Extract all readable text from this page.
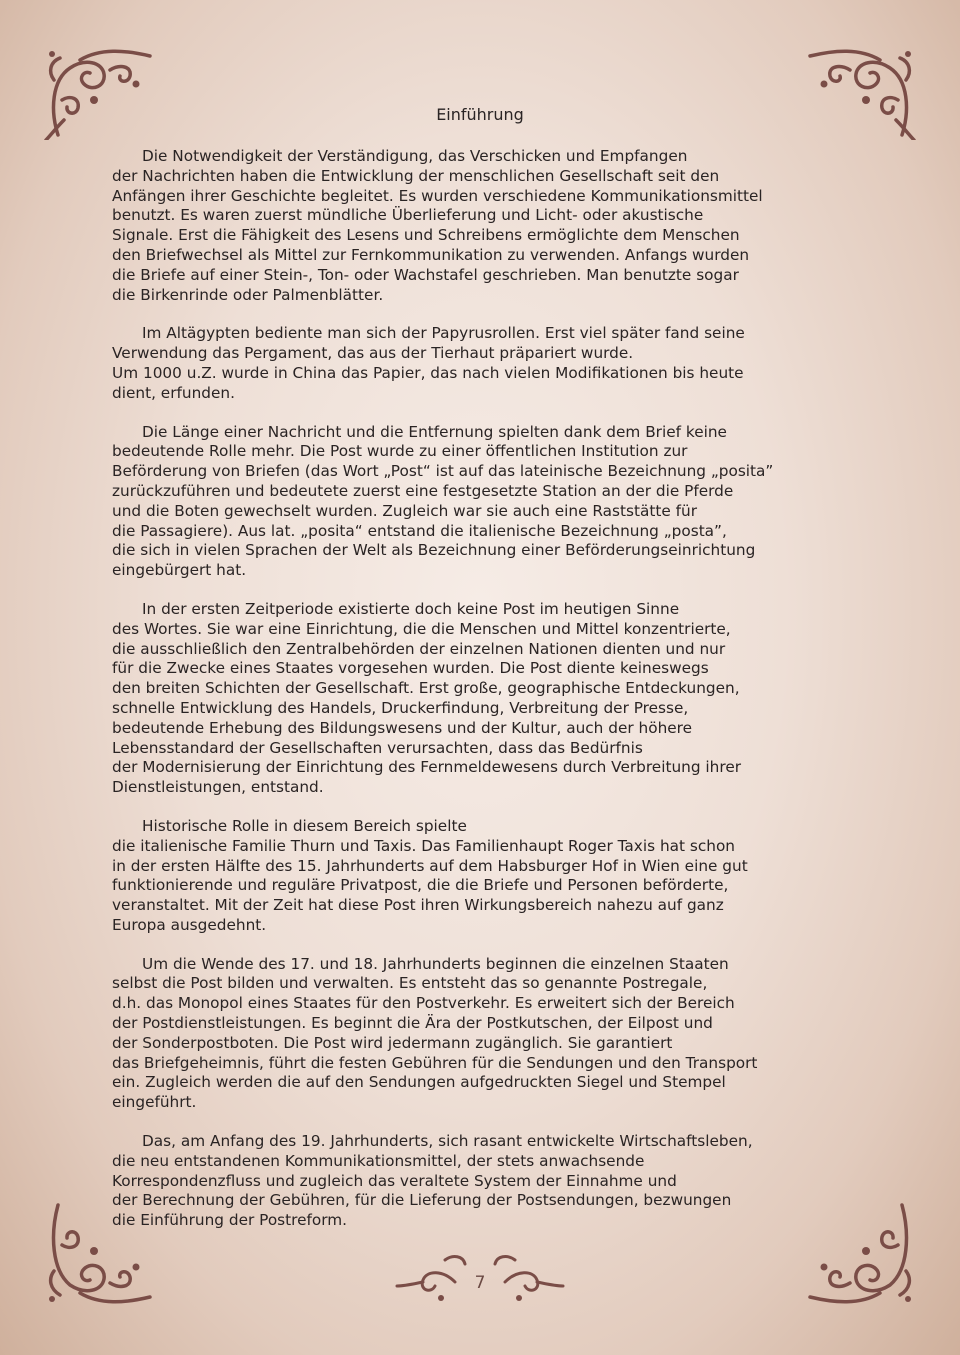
Einführung
Die Notwendigkeit der Verständigung, das Verschicken und Empfangen
der Nachrichten haben die Entwicklung der menschlichen Gesellschaft seit den
Anfängen ihrer Geschichte begleitet. Es wurden verschiedene Kommunikationsmittel
benutzt. Es waren zuerst mündliche Überlieferung und Licht- oder akustische
Signale. Erst die Fähigkeit des Lesens und Schreibens ermöglichte dem Menschen
den Briefwechsel als Mittel zur Fernkommunikation zu verwenden. Anfangs wurden
die Briefe auf einer Stein-, Ton- oder Wachstafel geschrieben. Man benutzte sogar
die Birkenrinde oder Palmenblätter.
Im Altägypten bediente man sich der Papyrusrollen. Erst viel später fand seine
Verwendung das Pergament, das aus der Tierhaut präpariert wurde.
Um 1000 u.Z. wurde in China das Papier, das nach vielen Modifikationen bis heute
dient, erfunden.
Die Länge einer Nachricht und die Entfernung spielten dank dem Brief keine
bedeutende Rolle mehr. Die Post wurde zu einer öffentlichen Institution zur
Beförderung von Briefen (das Wort „Post“ ist auf das lateinische Bezeichnung „posita”
zurückzuführen und bedeutete zuerst eine festgesetzte Station an der die Pferde
und die Boten gewechselt wurden. Zugleich war sie auch eine Raststätte für
die Passagiere). Aus lat. „posita“ entstand die italienische Bezeichnung „posta”,
die sich in vielen Sprachen der Welt als Bezeichnung einer Beförderungseinrichtung
eingebürgert hat.
In der ersten Zeitperiode existierte doch keine Post im heutigen Sinne
des Wortes. Sie war eine Einrichtung, die die Menschen und Mittel konzentrierte,
die ausschließlich den Zentralbehörden der einzelnen Nationen dienten und nur
für die Zwecke eines Staates vorgesehen wurden. Die Post diente keineswegs
den breiten Schichten der Gesellschaft. Erst große, geographische Entdeckungen,
schnelle Entwicklung des Handels, Druckerfindung, Verbreitung der Presse,
bedeutende Erhebung des Bildungswesens und der Kultur, auch der höhere
Lebensstandard der Gesellschaften verursachten, dass das Bedürfnis
der Modernisierung der Einrichtung des Fernmeldewesens durch Verbreitung ihrer
Dienstleistungen, entstand.
Historische Rolle in diesem Bereich spielte
die italienische Familie Thurn und Taxis. Das Familienhaupt Roger Taxis hat schon
in der ersten Hälfte des 15. Jahrhunderts auf dem Habsburger Hof in Wien eine gut
funktionierende und reguläre Privatpost, die die Briefe und Personen beförderte,
veranstaltet. Mit der Zeit hat diese Post ihren Wirkungsbereich nahezu auf ganz
Europa ausgedehnt.
Um die Wende des 17. und 18. Jahrhunderts beginnen die einzelnen Staaten
selbst die Post bilden und verwalten. Es entsteht das so genannte Postregale,
d.h. das Monopol eines Staates für den Postverkehr. Es erweitert sich der Bereich
der Postdienstleistungen. Es beginnt die Ära der Postkutschen, der Eilpost und
der Sonderpostboten. Die Post wird jedermann zugänglich. Sie garantiert
das Briefgeheimnis, führt die festen Gebühren für die Sendungen und den Transport
ein. Zugleich werden die auf den Sendungen aufgedruckten Siegel und Stempel
eingeführt.
Das, am Anfang des 19. Jahrhunderts, sich rasant entwickelte Wirtschaftsleben,
die neu entstandenen Kommunikationsmittel, der stets anwachsende
Korrespondenzfluss und zugleich das veraltete System der Einnahme und
der Berechnung der Gebühren, für die Lieferung der Postsendungen, bezwungen
die Einführung der Postreform.
7
